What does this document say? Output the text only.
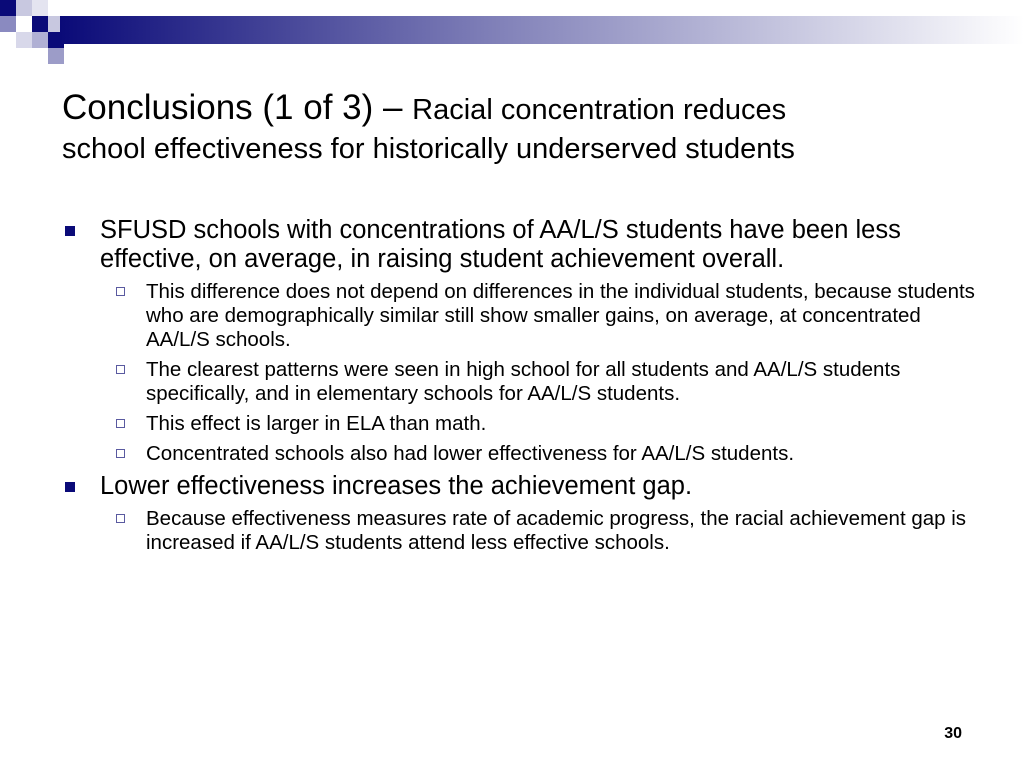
Conclusions (1 of 3) – Racial concentration reduces
school effectiveness for historically underserved students
SFUSD schools with concentrations of AA/L/S students have been less effective, on average, in raising student achievement overall.
This difference does not depend on differences in the individual students, because students who are demographically similar still show smaller gains, on average, at concentrated AA/L/S schools.
The clearest patterns were seen in high school for all students and AA/L/S students specifically, and in elementary schools for AA/L/S students.
This effect is larger in ELA than math.
Concentrated schools also had lower effectiveness for AA/L/S students.
Lower effectiveness increases the achievement gap.
Because effectiveness measures rate of academic progress, the racial achievement gap is increased if AA/L/S students attend less effective schools.
30
